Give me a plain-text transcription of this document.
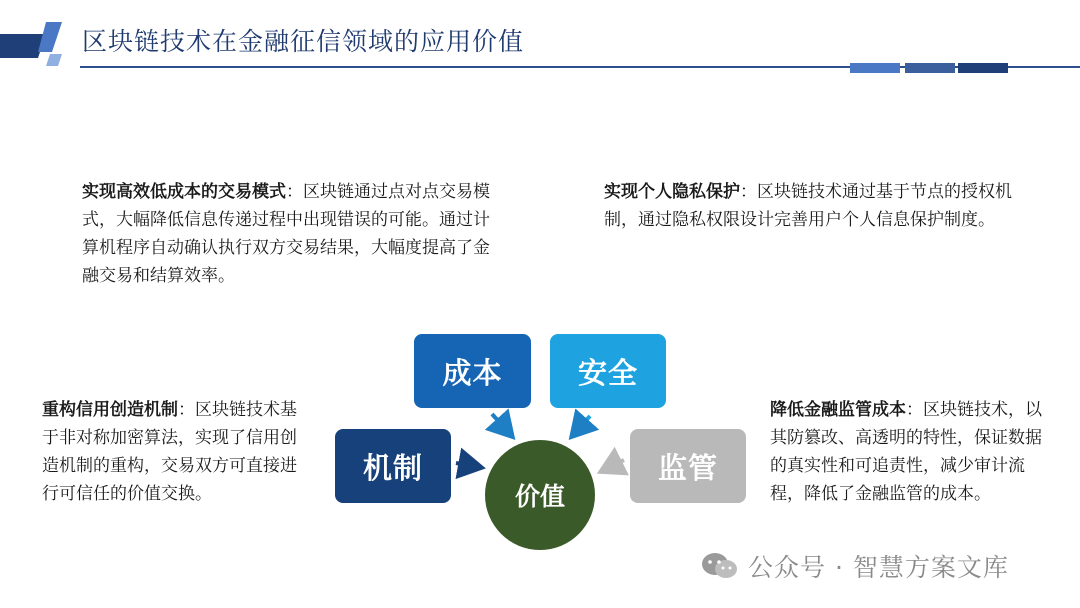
区块链技术在金融征信领域的应用价值
实现高效低成本的交易模式：区块链通过点对点交易模式，大幅降低信息传递过程中出现错误的可能。通过计算机程序自动确认执行双方交易结果，大幅度提高了金融交易和结算效率。
实现个人隐私保护：区块链技术通过基于节点的授权机制，通过隐私权限设计完善用户个人信息保护制度。
重构信用创造机制：区块链技术基于非对称加密算法，实现了信用创造机制的重构，交易双方可直接进行可信任的价值交换。
降低金融监管成本：区块链技术，以其防篡改、高透明的特性，保证数据的真实性和可追责性，减少审计流程，降低了金融监管的成本。
成本	安全
机制	监管
价值
公众号 · 智慧方案文库
